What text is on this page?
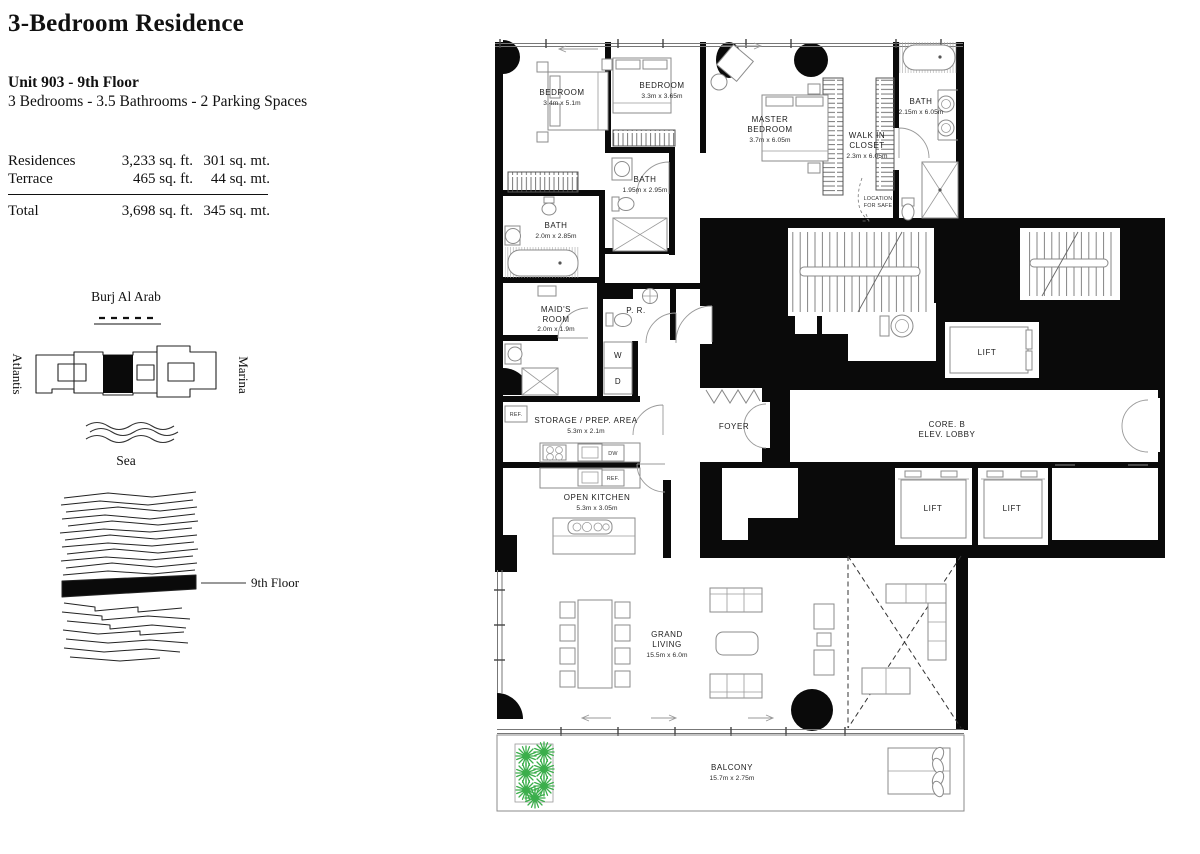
3-Bedroom Residence
Unit 903 - 9th Floor
3 Bedrooms - 3.5 Bathrooms - 2 Parking Spaces
Residences	3,233 sq. ft. 301 sq. mt.
Terrace	465 sq. ft.	44 sq. mt.
Total	3,698 sq. ft. 345 sq. mt.
Burj Al Arab
Atlantis	Marina
Sea
9th Floor
W
D
REF.
DW
REF.
LIFT
LIFT	LIFT
BEDROOM
3.4m x 5.1m
BEDROOM
3.3m x 3.65m
MASTER
BEDROOM
3.7m x 6.05m
WALK IN
CLOSET
2.3m x 6.05m
BATH
2.15m x 6.05m
BATH
1.95m x 2.95m
BATH
2.0m x 2.85m
MAID'S
ROOM
2.0m x 1.9m
P. R.
LOCATION
FOR SAFE
STORAGE / PREP. AREA
5.3m x 2.1m
OPEN KITCHEN
5.3m x 3.05m
FOYER	CORE. B
ELEV. LOBBY
GRAND
LIVING
15.5m x 6.0m
BALCONY
15.7m x 2.75m
